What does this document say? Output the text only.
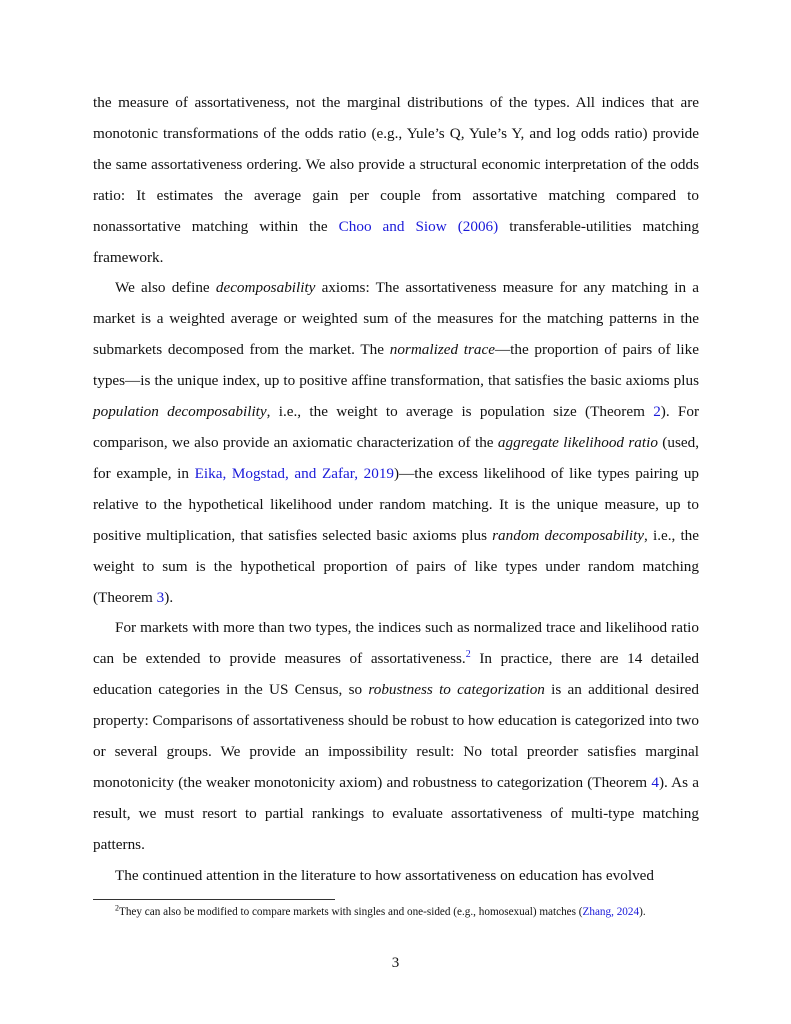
the measure of assortativeness, not the marginal distributions of the types. All indices that are monotonic transformations of the odds ratio (e.g., Yule’s Q, Yule’s Y, and log odds ratio) provide the same assortativeness ordering. We also provide a structural economic interpretation of the odds ratio: It estimates the average gain per couple from assortative matching compared to nonassortative matching within the Choo and Siow (2006) transferable-utilities matching framework.

We also define decomposability axioms: The assortativeness measure for any matching in a market is a weighted average or weighted sum of the measures for the matching patterns in the submarkets decomposed from the market. The normalized trace—the proportion of pairs of like types—is the unique index, up to positive affine transformation, that satisfies the basic axioms plus population decomposability, i.e., the weight to average is population size (Theorem 2). For comparison, we also provide an axiomatic characterization of the aggregate likelihood ratio (used, for example, in Eika, Mogstad, and Zafar, 2019)—the excess likelihood of like types pairing up relative to the hypothetical likelihood under random matching. It is the unique measure, up to positive multiplication, that satisfies selected basic axioms plus random decomposability, i.e., the weight to sum is the hypothetical proportion of pairs of like types under random matching (Theorem 3).

For markets with more than two types, the indices such as normalized trace and likelihood ratio can be extended to provide measures of assortativeness.$^2$ In practice, there are 14 detailed education categories in the US Census, so robustness to categorization is an additional desired property: Comparisons of assortativeness should be robust to how education is categorized into two or several groups. We provide an impossibility result: No total preorder satisfies marginal monotonicity (the weaker monotonicity axiom) and robustness to categorization (Theorem 4). As a result, we must resort to partial rankings to evaluate assortativeness of multi-type matching patterns.

The continued attention in the literature to how assortativeness on education has evolved

$^2$They can also be modified to compare markets with singles and one-sided (e.g., homosexual) matches (Zhang, 2024).

3
